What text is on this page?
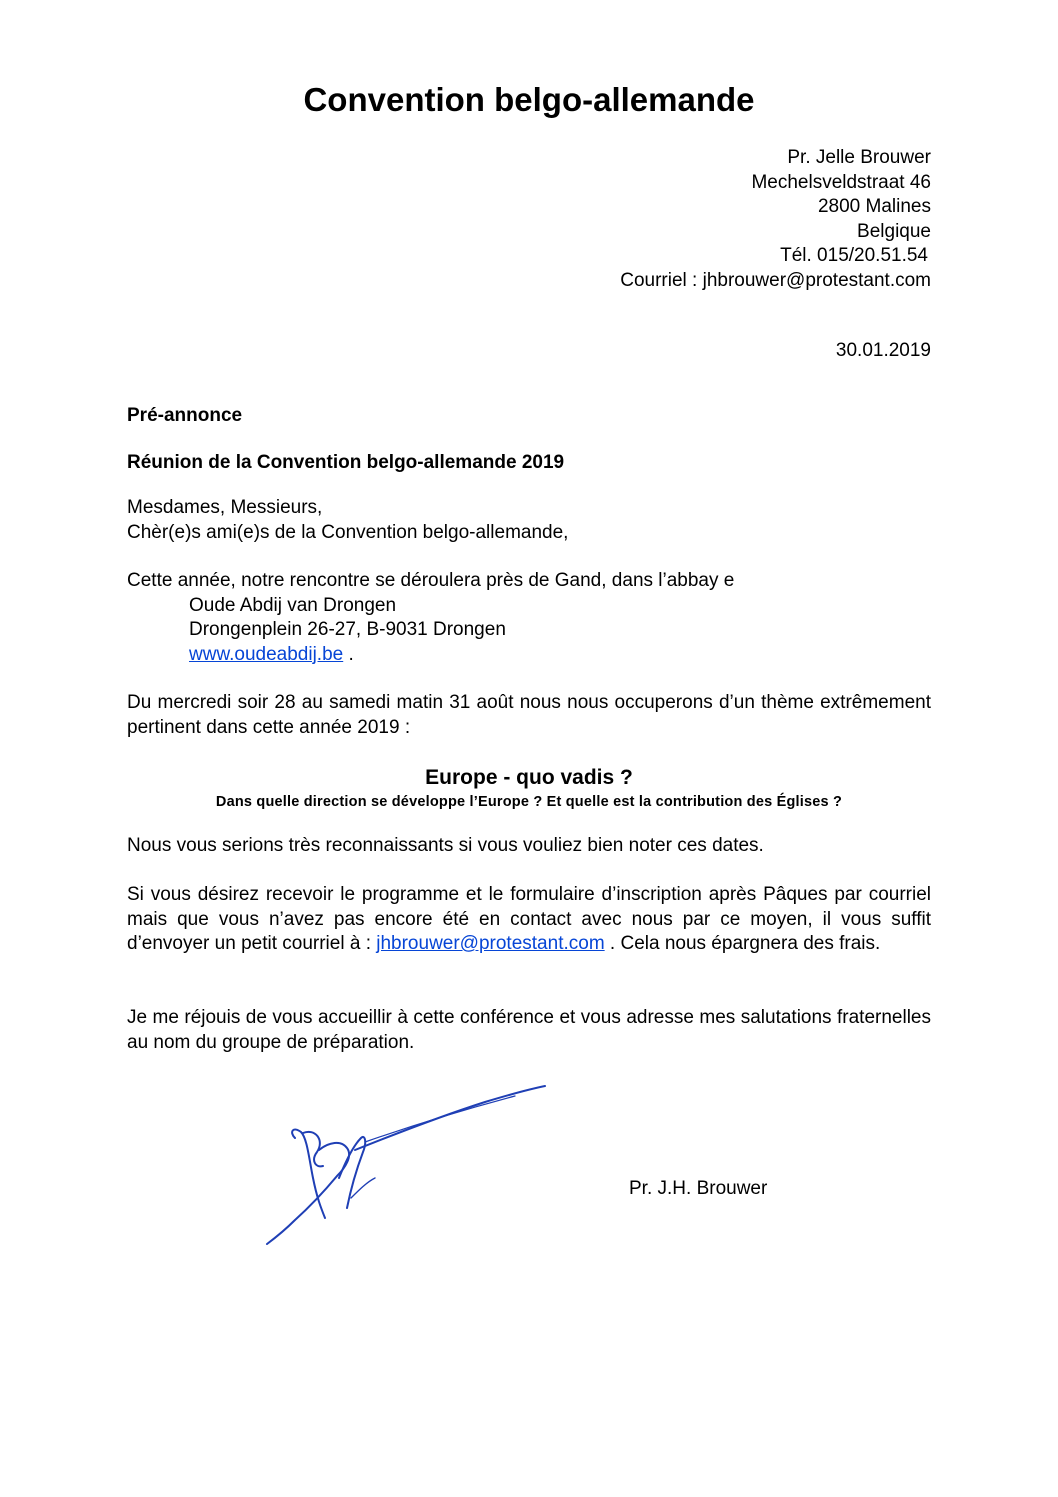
Convention belgo-allemande
Pr. Jelle Brouwer
Mechelsveldstraat 46
2800 Malines
Belgique
Tél. 015/20.51.54
Courriel : jhbrouwer@protestant.com
30.01.2019
Pré-annonce
Réunion de la Convention belgo-allemande 2019
Mesdames, Messieurs,
Chèr(e)s ami(e)s de la Convention belgo-allemande,
Cette année, notre rencontre se déroulera près de Gand, dans l’abbay e
Oude Abdij van Drongen
Drongenplein 26-27, B-9031 Drongen
www.oudeabdij.be .
Du mercredi soir 28 au samedi matin 31 août nous nous occuperons d’un thème extrêmement pertinent dans cette année 2019 :
Europe - quo vadis ?
Dans quelle direction se développe l’Europe ? Et quelle est la contribution des Églises ?
Nous vous serions très reconnaissants si vous vouliez bien noter ces dates.
Si vous désirez recevoir le programme et le formulaire d’inscription après Pâques par courriel mais que vous n’avez pas encore été en contact avec nous par ce moyen, il vous suffit d’envoyer un petit courriel à : jhbrouwer@protestant.com . Cela nous épargnera des frais.
Je me réjouis de vous accueillir à cette conférence et vous adresse mes salutations fraternelles au nom du groupe de préparation.
Pr. J.H. Brouwer
